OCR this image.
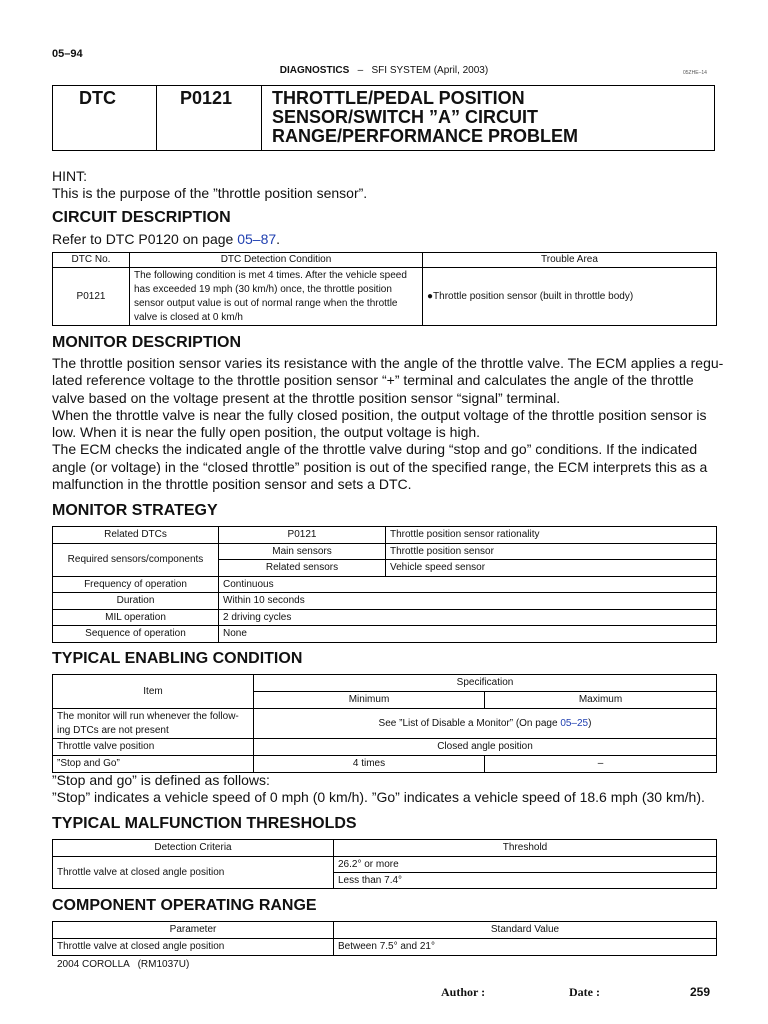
05–94
DIAGNOSTICS – SFI SYSTEM (April, 2003)	05ZHE–14
DTC	P0121 THROTTLE/PEDAL POSITION
SENSOR/SWITCH ”A” CIRCUIT
RANGE/PERFORMANCE PROBLEM
HINT:
This is the purpose of the ”throttle position sensor”.
CIRCUIT DESCRIPTION
Refer to DTC P0120 on page 05–87.
DTC No.	DTC Detection Condition	Trouble Area
P0121	The following condition is met 4 times. After the vehicle speed
has exceeded 19 mph (30 km/h) once, the throttle position
sensor output value is out of normal range when the throttle
valve is closed at 0 km/h	●Throttle position sensor (built in throttle body)
MONITOR DESCRIPTION
The throttle position sensor varies its resistance with the angle of the throttle valve. The ECM applies a regu-
lated reference voltage to the throttle position sensor “+” terminal and calculates the angle of the throttle
valve based on the voltage present at the throttle position sensor “signal” terminal.
When the throttle valve is near the fully closed position, the output voltage of the throttle position sensor is
low. When it is near the fully open position, the output voltage is high.
The ECM checks the indicated angle of the throttle valve during “stop and go” conditions. If the indicated
angle (or voltage) in the “closed throttle” position is out of the specified range, the ECM interprets this as a
malfunction in the throttle position sensor and sets a DTC.
MONITOR STRATEGY
Related DTCs	P0121	Throttle position sensor rationality
Required sensors/components	Main sensors	Throttle position sensor
	Related sensors	Vehicle speed sensor
Frequency of operation	Continuous	
Duration	Within 10 seconds	
MIL operation	2 driving cycles	
Sequence of operation	None	
TYPICAL ENABLING CONDITION
Item	Specification	
	Minimum	Maximum

The monitor will run whenever the follow-
ing DTCs are not present	See ”List of Disable a Monitor” (On page 05–25)	
Throttle valve position	Closed angle position	
”Stop and Go”	4 times	–
”Stop and go” is defined as follows:
”Stop” indicates a vehicle speed of 0 mph (0 km/h). ”Go” indicates a vehicle speed of 18.6 mph (30 km/h).
TYPICAL MALFUNCTION THRESHOLDS
Detection Criteria	Threshold
Throttle valve at closed angle position	26.2° or more
	Less than 7.4°
COMPONENT OPERATING RANGE
Parameter	Standard Value
Throttle valve at closed angle position	Between 7.5° and 21°
2004 COROLLA   (RM1037U)
Author :	Date :	259
